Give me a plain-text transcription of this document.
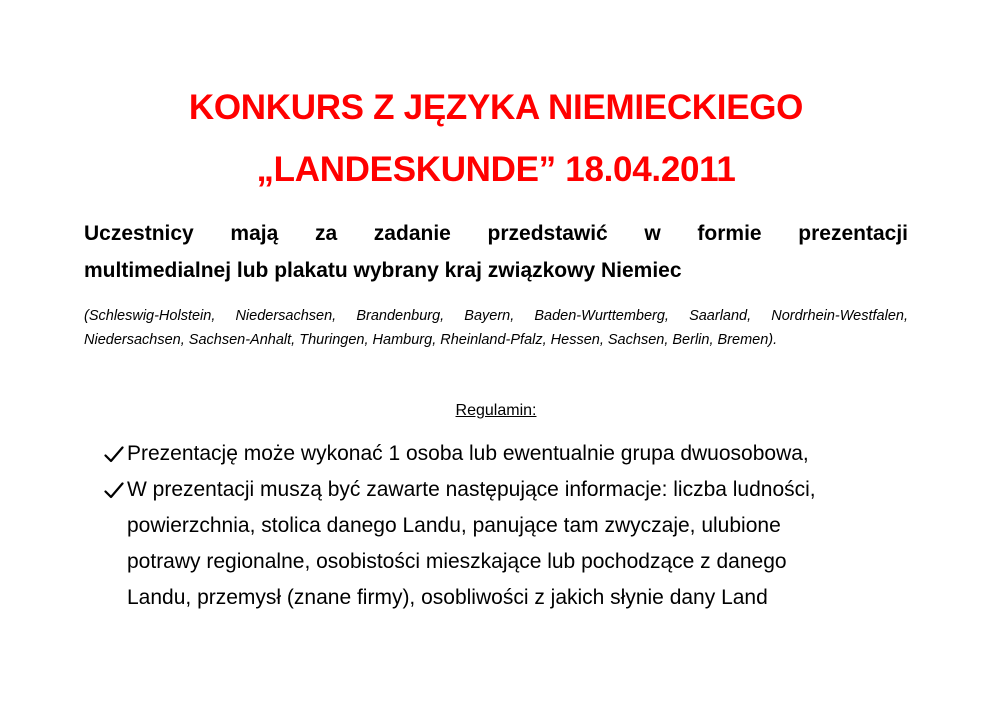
KONKURS Z JĘZYKA NIEMIECKIEGO
„LANDESKUNDE” 18.04.2011
Uczestnicy mają za zadanie przedstawić w formie prezentacji
multimedialnej lub plakatu wybrany kraj związkowy Niemiec
(Schleswig-Holstein, Niedersachsen, Brandenburg, Bayern, Baden-Wurttemberg, Saarland, Nordrhein-Westfalen, Niedersachsen, Sachsen-Anhalt, Thuringen, Hamburg, Rheinland-Pfalz, Hessen, Sachsen, Berlin, Bremen).
Regulamin:
Prezentację może wykonać 1 osoba lub ewentualnie grupa dwuosobowa,
W prezentacji muszą być zawarte następujące informacje: liczba ludności,
powierzchnia, stolica danego Landu, panujące tam zwyczaje, ulubione
potrawy regionalne, osobistości mieszkające lub pochodzące z danego
Landu, przemysł (znane firmy), osobliwości z jakich słynie dany Land
